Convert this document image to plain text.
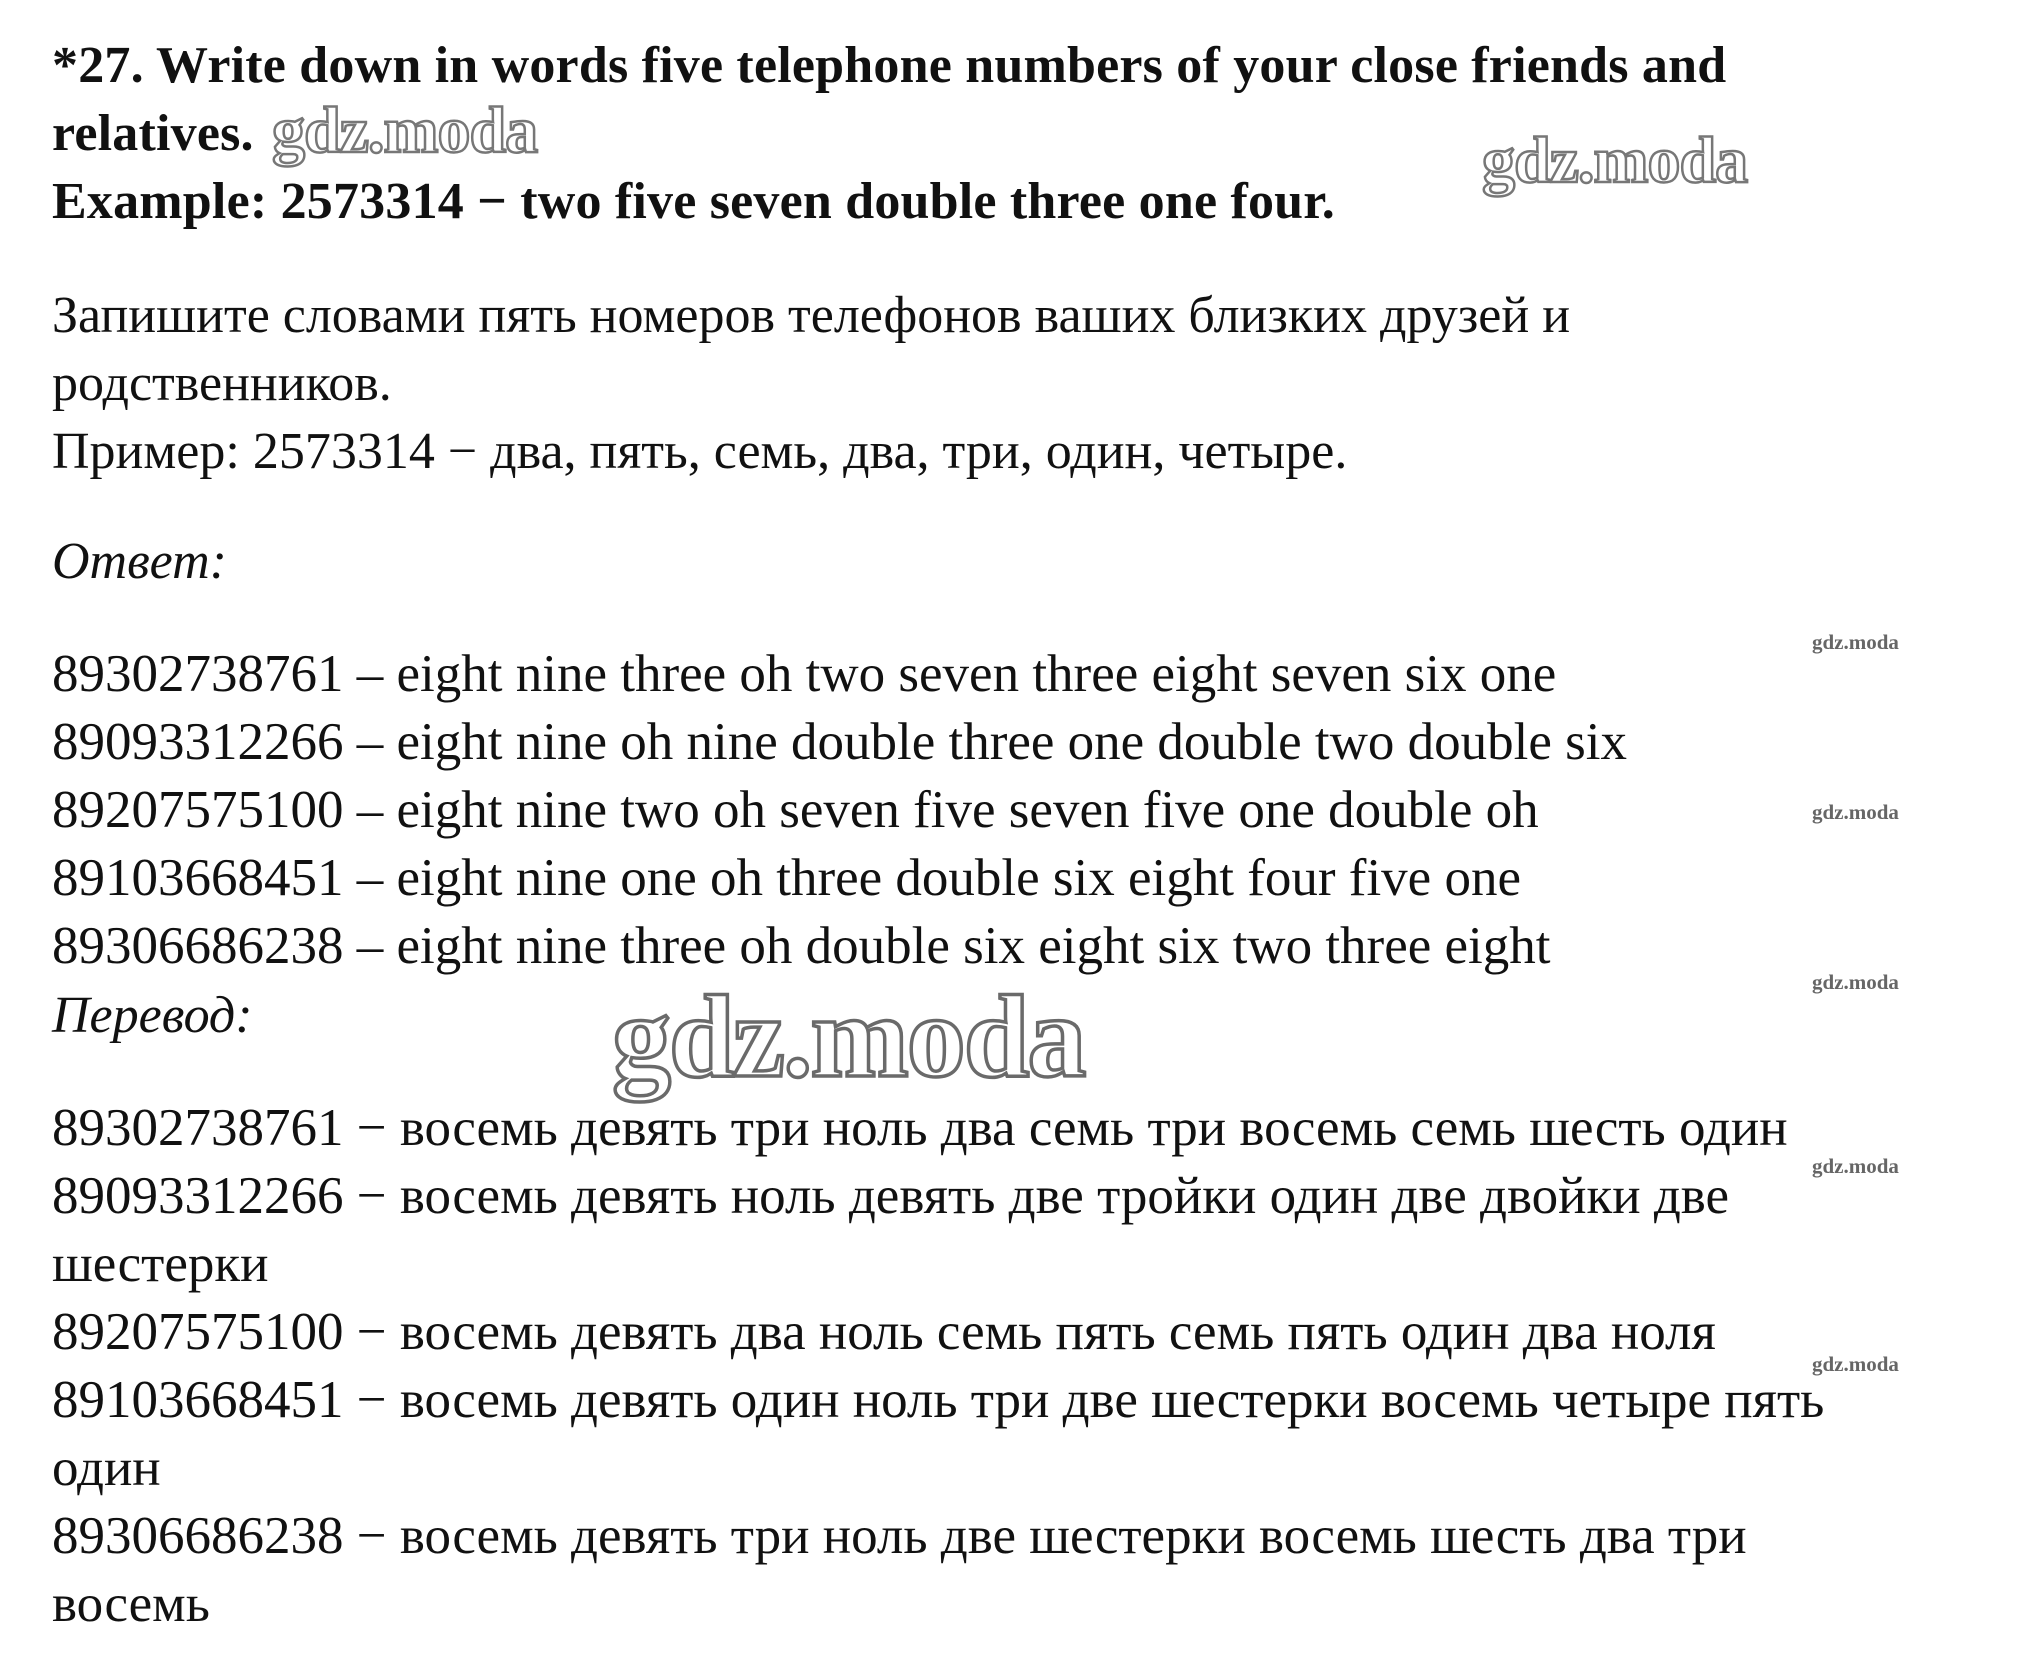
*27. Write down in words five telephone numbers of your close friends and
relatives.
Example: 2573314 − two five seven double three one four.
Запишите словами пять номеров телефонов ваших близких друзей и
родственников.
Пример: 2573314 − два, пять, семь, два, три, один, четыре.
Ответ:
89302738761 – eight nine three oh two seven three eight seven six one
89093312266 – eight nine oh nine double three one double two double six
89207575100 – eight nine two oh seven five seven five one double oh
89103668451 – eight nine one oh three double six eight four five one
89306686238 – eight nine three oh double six eight six two three eight
Перевод:
89302738761 − восемь девять три ноль два семь три восемь семь шесть один
89093312266 − восемь девять ноль девять две тройки один две двойки две
шестерки
89207575100 − восемь девять два ноль семь пять семь пять один два ноля
89103668451 − восемь девять один ноль три две шестерки восемь четыре пять
один
89306686238 − восемь девять три ноль две шестерки восемь шесть два три
восемь
gdz.moda	gdz.moda
gdz.moda
gdz.moda
gdz.moda
gdz.moda
gdz.moda
gdz.moda
